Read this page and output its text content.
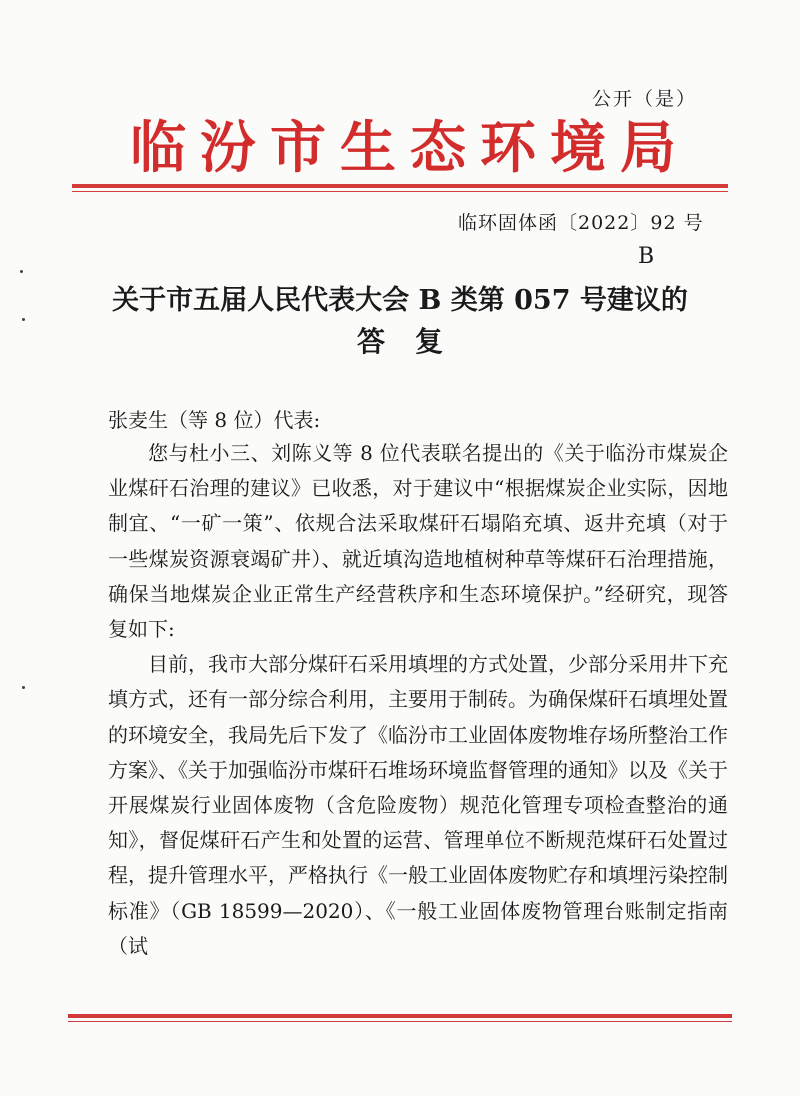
公开（是）
临汾市生态环境局
临环固体函〔2022〕92 号
B
关于市五届人民代表大会 B 类第 057 号建议的
答复
张麦生（等 8 位）代表:

您与杜小三、刘陈义等 8 位代表联名提出的《关于临汾市煤炭企业煤矸石治理的建议》已收悉，对于建议中“根据煤炭企业实际，因地制宜、“一矿一策”、依规合法采取煤矸石塌陷充填、返井充填（对于一些煤炭资源衰竭矿井）、就近填沟造地植树种草等煤矸石治理措施，确保当地煤炭企业正常生产经营秩序和生态环境保护。”经研究，现答复如下:

目前，我市大部分煤矸石采用填埋的方式处置，少部分采用井下充填方式，还有一部分综合利用，主要用于制砖。为确保煤矸石填埋处置的环境安全，我局先后下发了《临汾市工业固体废物堆存场所整治工作方案》、《关于加强临汾市煤矸石堆场环境监督管理的通知》以及《关于开展煤炭行业固体废物（含危险废物）规范化管理专项检查整治的通知》，督促煤矸石产生和处置的运营、管理单位不断规范煤矸石处置过程，提升管理水平，严格执行《一般工业固体废物贮存和填埋污染控制标准》（GB 18599—2020）、《一般工业固体废物管理台账制定指南（试
